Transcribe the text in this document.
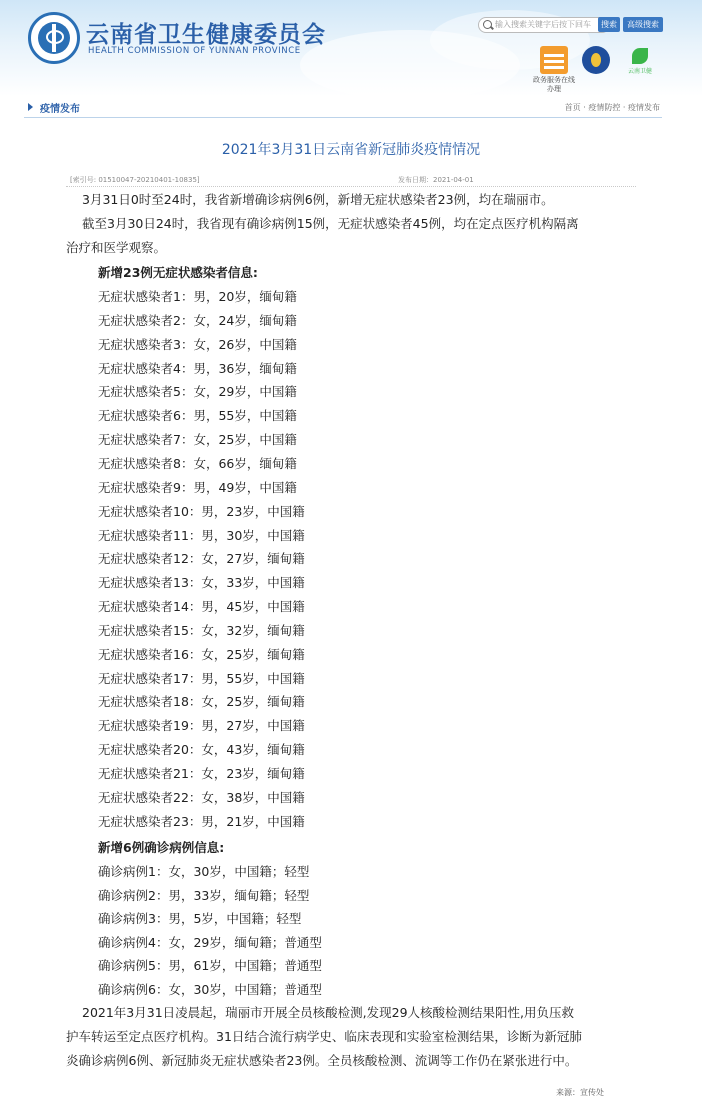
云南省卫生健康委员会
HEALTH COMMISSION OF YUNNAN PROVINCE
输入搜索关键字后按下回车	搜索	高级搜索
云南卫健
政务服务在线办理
疫情发布	首页 · 疫情防控 · 疫情发布
2021年3月31日云南省新冠肺炎疫情情况
[索引号: 01510047-20210401-10835]	发布日期：2021-04-01
3月31日0时至24时，我省新增确诊病例6例，新增无症状感染者23例，均在瑞丽市。
截至3月30日24时，我省现有确诊病例15例，无症状感染者45例，均在定点医疗机构隔离
治疗和医学观察。
新增23例无症状感染者信息:
无症状感染者1：男，20岁，缅甸籍
无症状感染者2：女，24岁，缅甸籍
无症状感染者3：女，26岁，中国籍
无症状感染者4：男，36岁，缅甸籍
无症状感染者5：女，29岁，中国籍
无症状感染者6：男，55岁，中国籍
无症状感染者7：女，25岁，中国籍
无症状感染者8：女，66岁，缅甸籍
无症状感染者9：男，49岁，中国籍
无症状感染者10：男，23岁，中国籍
无症状感染者11：男，30岁，中国籍
无症状感染者12：女，27岁，缅甸籍
无症状感染者13：女，33岁，中国籍
无症状感染者14：男，45岁，中国籍
无症状感染者15：女，32岁，缅甸籍
无症状感染者16：女，25岁，缅甸籍
无症状感染者17：男，55岁，中国籍
无症状感染者18：女，25岁，缅甸籍
无症状感染者19：男，27岁，中国籍
无症状感染者20：女，43岁，缅甸籍
无症状感染者21：女，23岁，缅甸籍
无症状感染者22：女，38岁，中国籍
无症状感染者23：男，21岁，中国籍
新增6例确诊病例信息:
确诊病例1：女，30岁，中国籍；轻型
确诊病例2：男，33岁，缅甸籍；轻型
确诊病例3：男，5岁，中国籍；轻型
确诊病例4：女，29岁，缅甸籍；普通型
确诊病例5：男，61岁，中国籍；普通型
确诊病例6：女，30岁，中国籍；普通型
2021年3月31日凌晨起，瑞丽市开展全员核酸检测,发现29人核酸检测结果阳性,用负压救
护车转运至定点医疗机构。31日结合流行病学史、临床表现和实验室检测结果，诊断为新冠肺
炎确诊病例6例、新冠肺炎无症状感染者23例。全员核酸检测、流调等工作仍在紧张进行中。
来源：宣传处
